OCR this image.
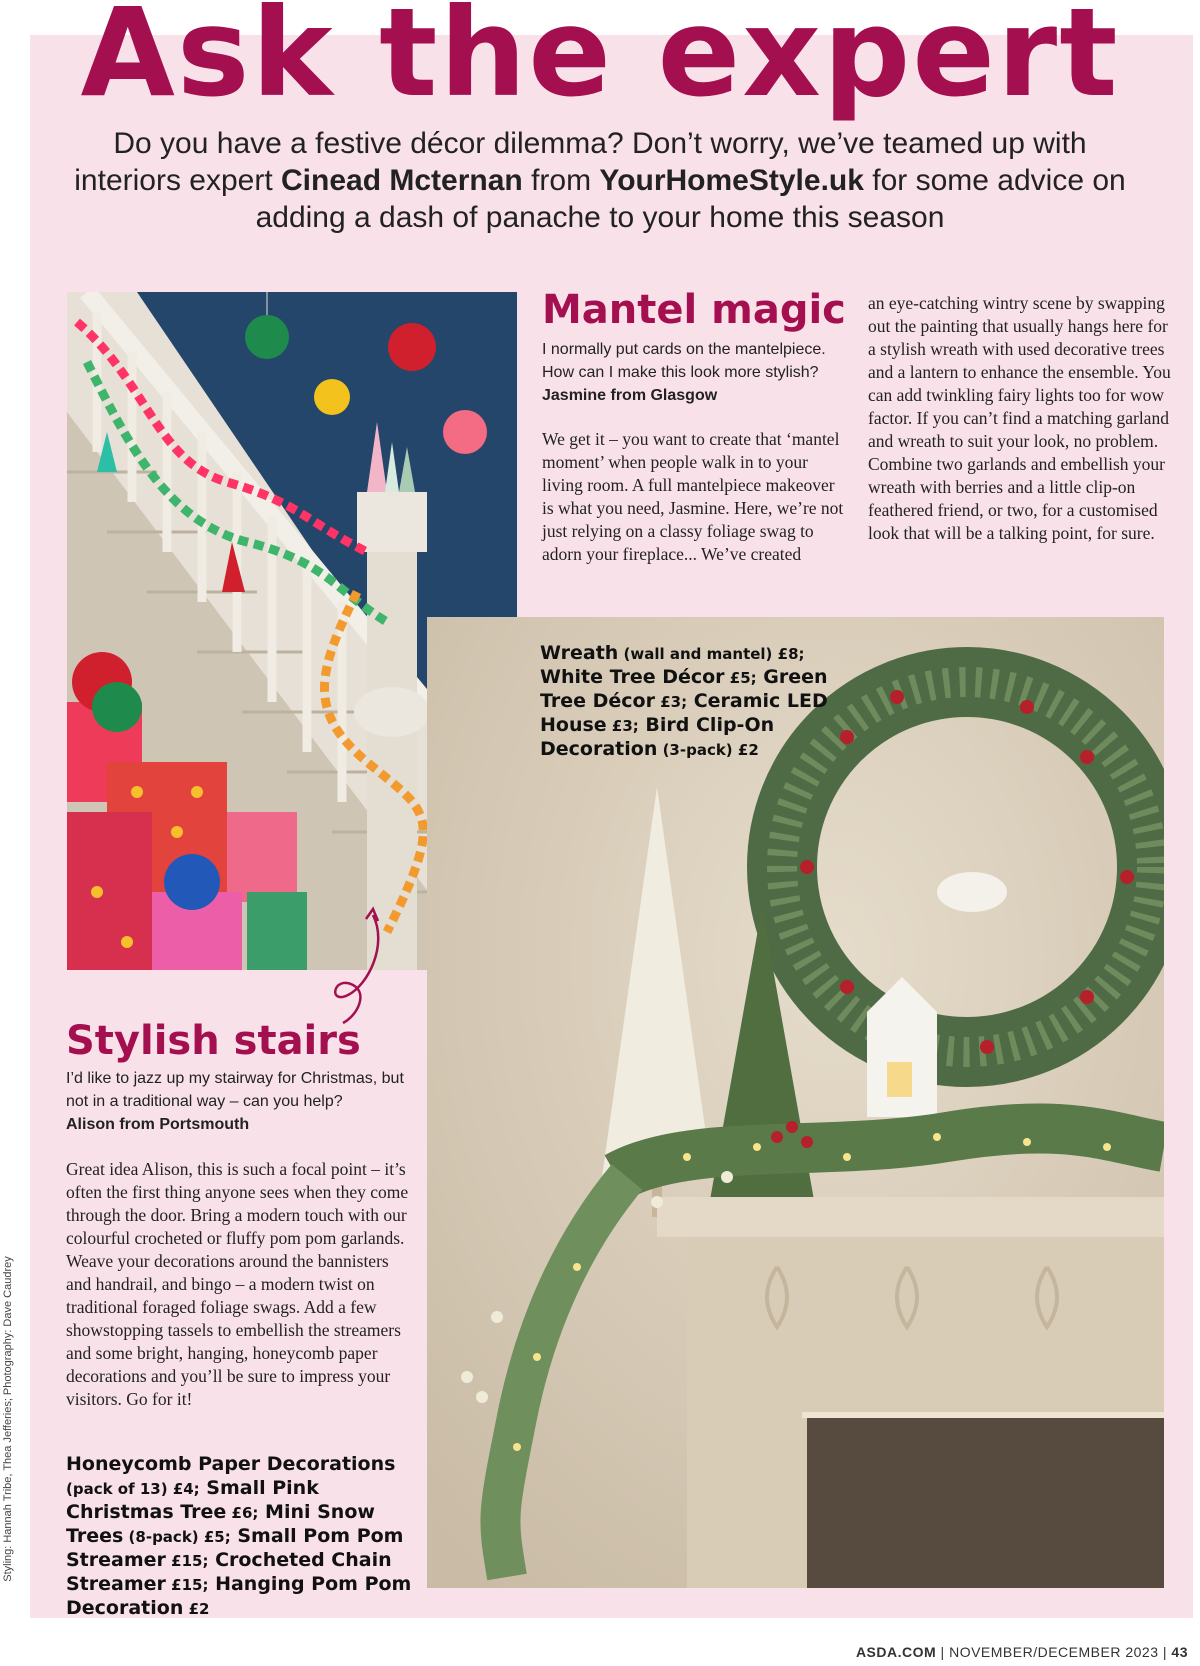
Ask the expert

Do you have a festive décor dilemma? Don’t worry, we’ve teamed up with interiors expert Cinead Mcternan from YourHomeStyle.uk for some advice on adding a dash of panache to your home this season

Mantel magic

I normally put cards on the mantelpiece. How can I make this look more stylish?
Jasmine from Glasgow

We get it – you want to create that ‘mantel moment’ when people walk in to your living room. A full mantelpiece makeover is what you need, Jasmine. Here, we’re not just relying on a classy foliage swag to adorn your fireplace... We’ve created

an eye-catching wintry scene by swapping out the painting that usually hangs here for a stylish wreath with used decorative trees and a lantern to enhance the ensemble. You can add twinkling fairy lights too for wow factor. If you can’t find a matching garland and wreath to suit your look, no problem. Combine two garlands and embellish your wreath with berries and a little clip-on feathered friend, or two, for a customised look that will be a talking point, for sure.

Wreath (wall and mantel) £8; White Tree Décor £5; Green Tree Décor £3; Ceramic LED House £3; Bird Clip-On Decoration (3-pack) £2

Stylish stairs

I’d like to jazz up my stairway for Christmas, but not in a traditional way – can you help?
Alison from Portsmouth

Great idea Alison, this is such a focal point – it’s often the first thing anyone sees when they come through the door. Bring a modern touch with our colourful crocheted or fluffy pom pom garlands. Weave your decorations around the bannisters and handrail, and bingo – a modern twist on traditional foraged foliage swags. Add a few showstopping tassels to embellish the streamers and some bright, hanging, honeycomb paper decorations and you’ll be sure to impress your visitors. Go for it!

Honeycomb Paper Decorations (pack of 13) £4; Small Pink Christmas Tree £6; Mini Snow Trees (8-pack) £5; Small Pom Pom Streamer £15; Crocheted Chain Streamer £15; Hanging Pom Pom Decoration £2

Styling: Hannah Tribe, Thea Jefferies; Photography: Dave Caudrey
ASDA.COM | NOVEMBER/DECEMBER 2023 | 43
